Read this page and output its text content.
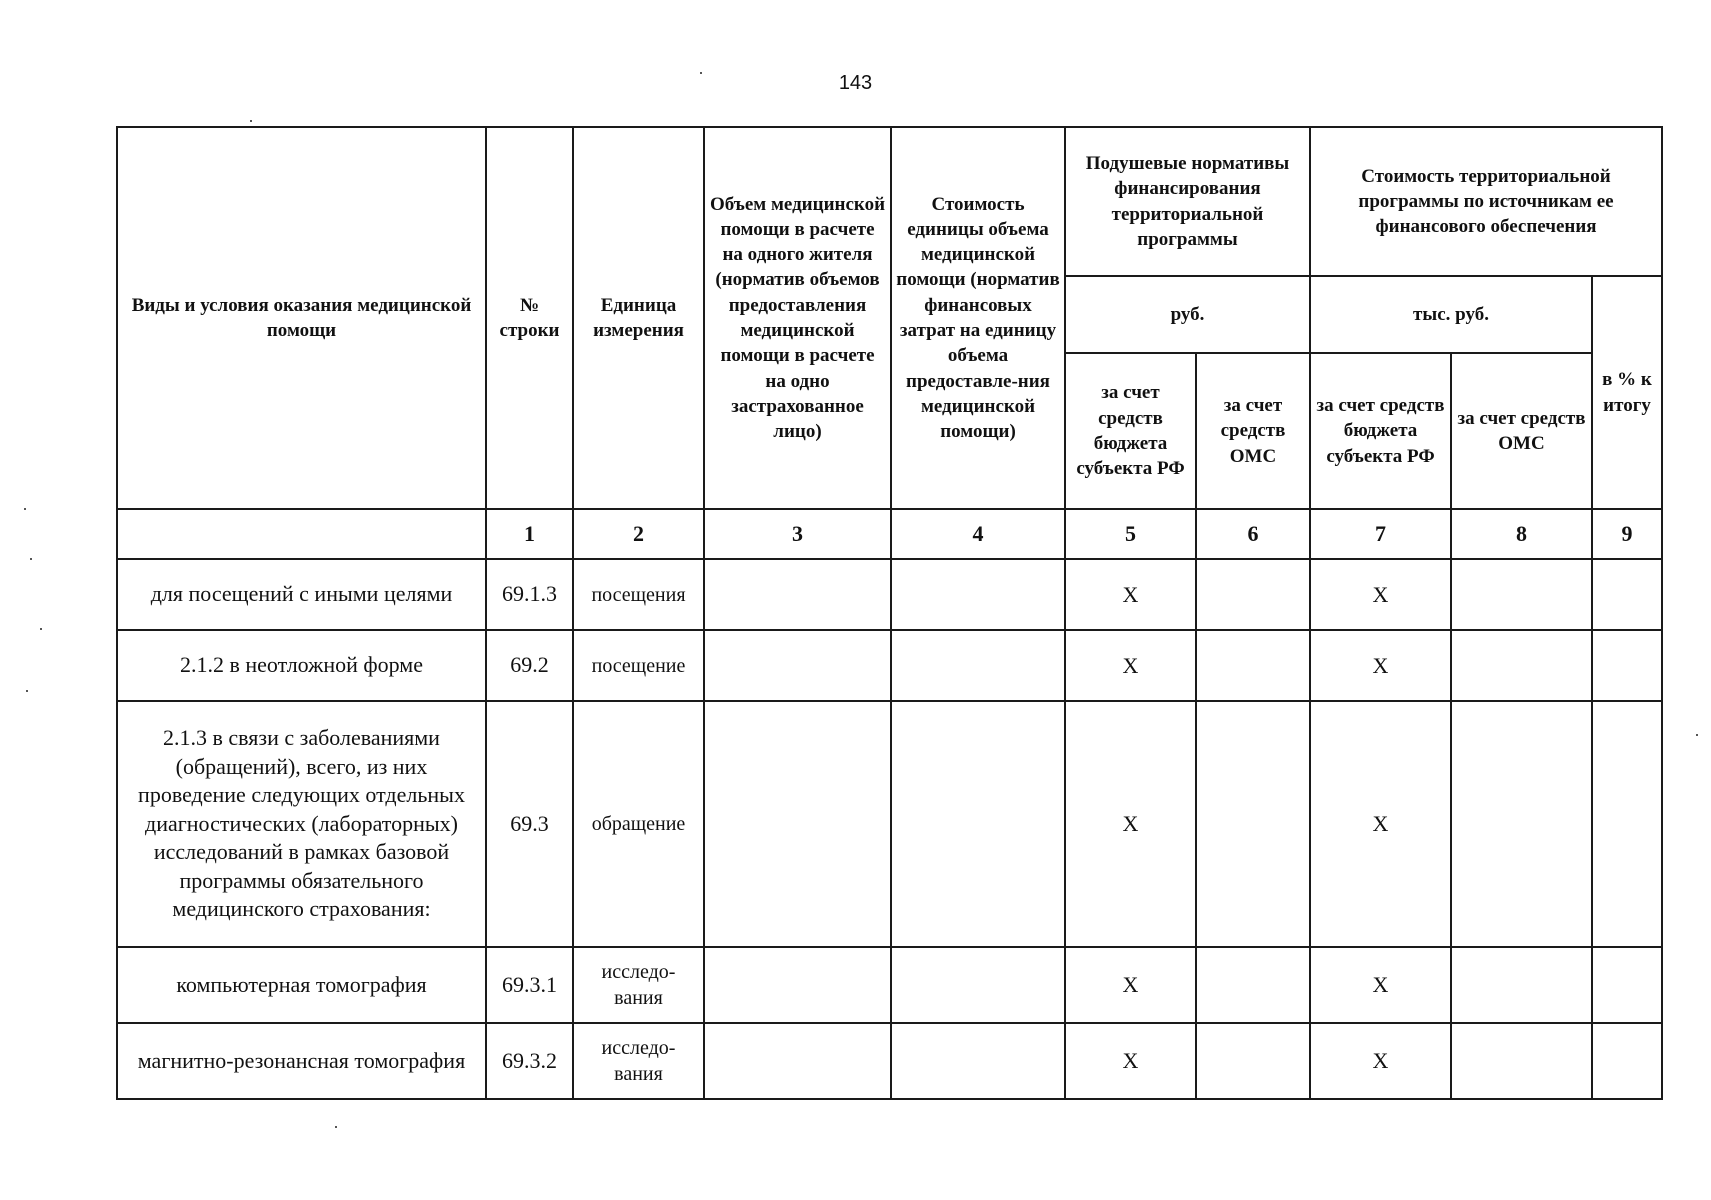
143
Виды и условия оказания медицинской помощи	№ строки	Единица измерения	Объем медицинской помощи в расчете на одного жителя (норматив объемов предоставления медицинской помощи в расчете на одно застрахованное лицо)	Стоимость единицы объема медицинской помощи (норматив финансовых затрат на единицу объема предоставле-ния медицинской помощи)	Подушевые нормативы финансирования территориальной программы		Стоимость территориальной программы по источникам ее финансового обеспечения		
					руб.		тыс. руб.		в % к итогу
					за счет средств бюджета субъекта РФ	за счет средств ОМС	за счет средств бюджета субъекта РФ	за счет средств ОМС	
	1	2	3	4	5	6	7	8	9
для посещений с иными целями	69.1.3	посещения			X		X		
2.1.2 в неотложной форме	69.2	посещение			X		X		
2.1.3 в связи с заболеваниями (обращений), всего, из них проведение следующих отдельных диагностических (лабораторных) исследований в рамках базовой программы обязательного медицинского страхования:	69.3	обращение			X		X		
компьютерная томография	69.3.1	исследо-вания			X		X		
магнитно-резонансная томография	69.3.2	исследо-вания			X		X		
